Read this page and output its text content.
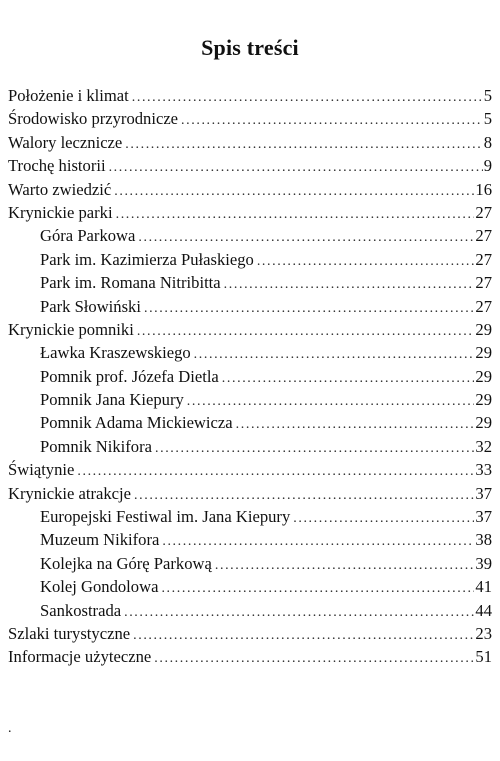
Spis treści
Położenie i klimat .....	5
Środowisko przyrodnicze .....	5
Walory lecznicze .....	8
Trochę historii .....	9
Warto zwiedzić .....	16
Krynickie parki .....	27
Góra Parkowa .....	27
Park im. Kazimierza Pułaskiego .....	27
Park im. Romana Nitribitta .....	27
Park Słowiński .....	27
Krynickie pomniki .....	29
Ławka Kraszewskiego .....	29
Pomnik prof. Józefa Dietla .....	29
Pomnik Jana Kiepury .....	29
Pomnik Adama Mickiewicza .....	29
Pomnik Nikifora .....	32
Świątynie .....	33
Krynickie atrakcje .....	37
Europejski Festiwal im. Jana Kiepury .....	37
Muzeum Nikifora .....	38
Kolejka na Górę Parkową .....	39
Kolej Gondolowa .....	41
Sankostrada .....	44
Szlaki turystyczne .....	23
Informacje użyteczne .....	51
.
